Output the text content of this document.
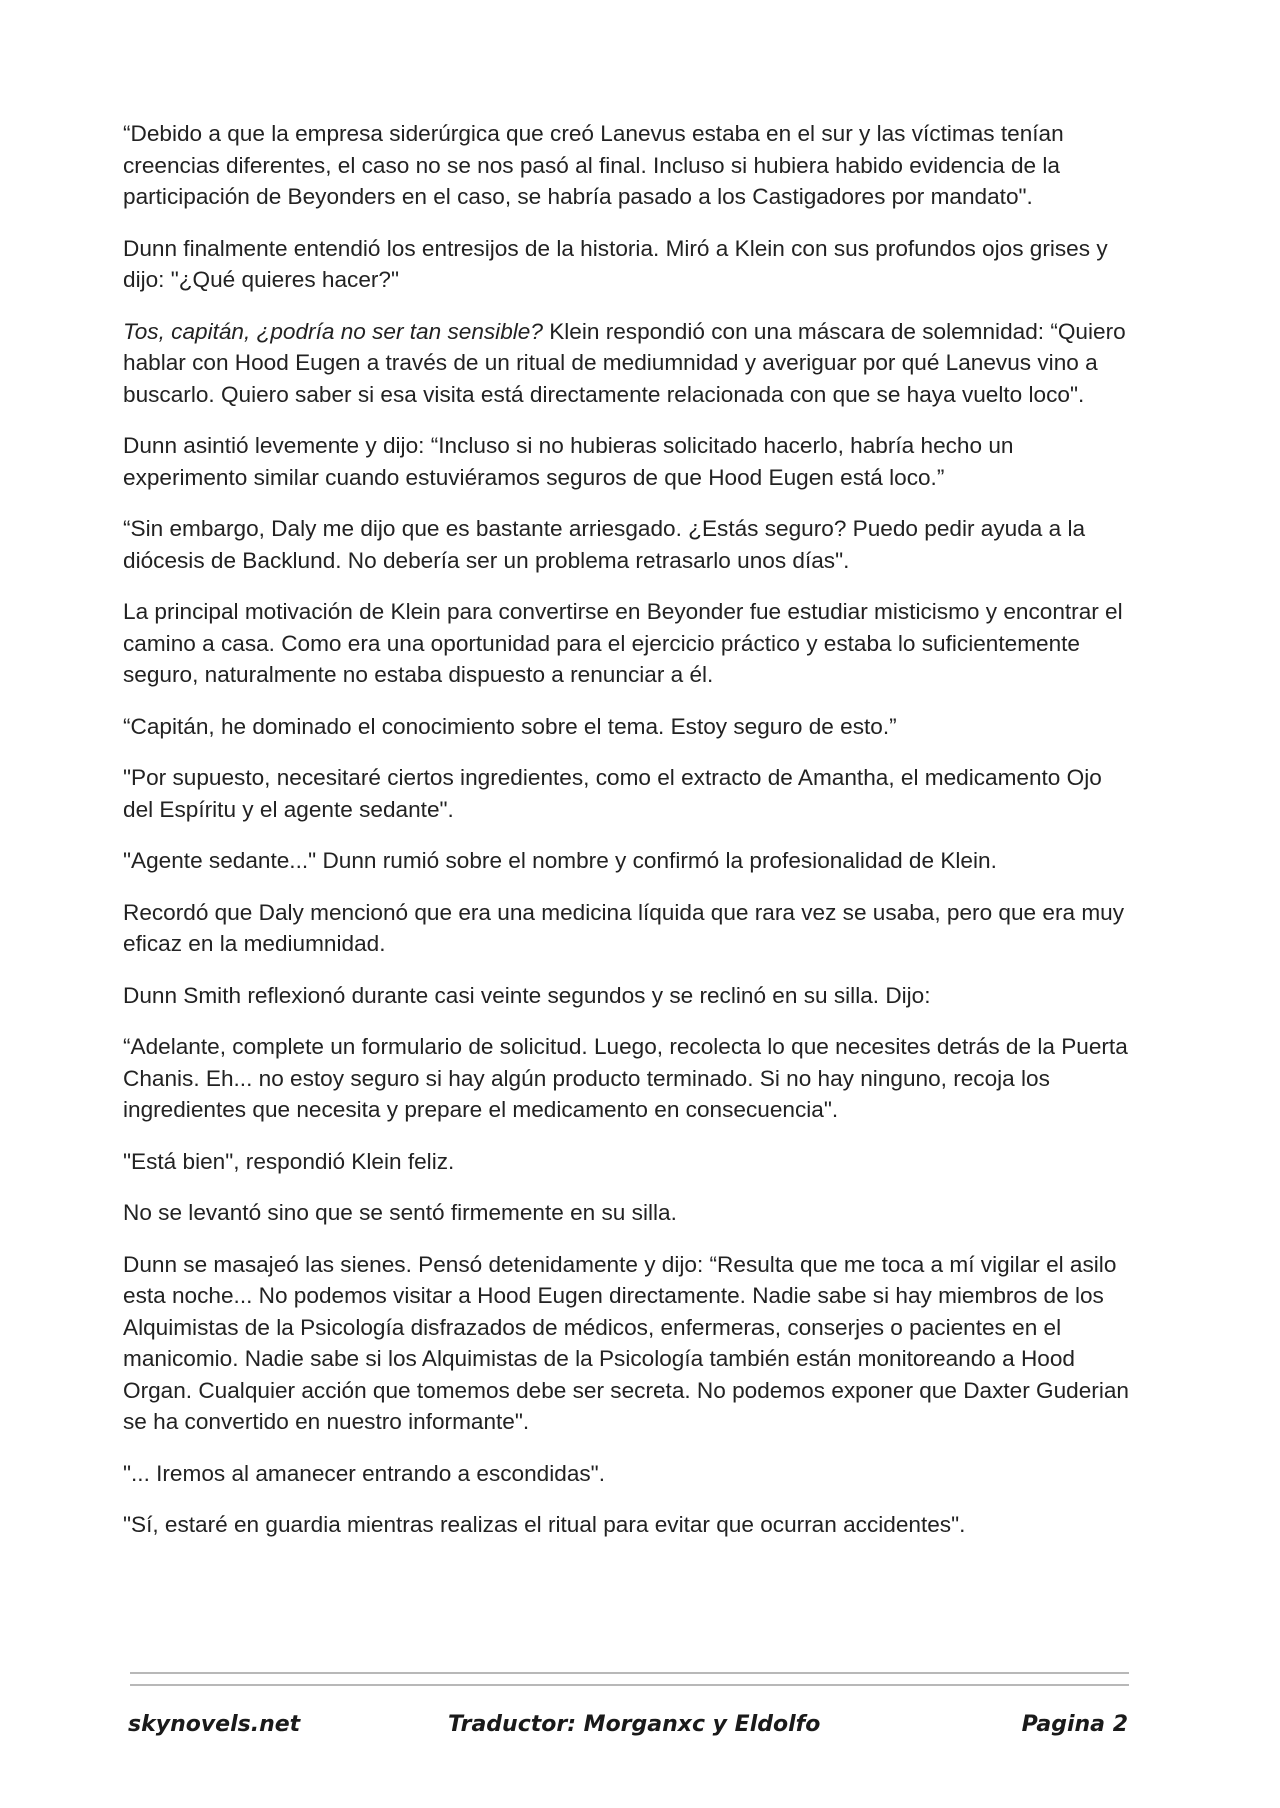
“Debido a que la empresa siderúrgica que creó Lanevus estaba en el sur y las víctimas tenían creencias diferentes, el caso no se nos pasó al final. Incluso si hubiera habido evidencia de la participación de Beyonders en el caso, se habría pasado a los Castigadores por mandato".

Dunn finalmente entendió los entresijos de la historia. Miró a Klein con sus profundos ojos grises y dijo: "¿Qué quieres hacer?"

Tos, capitán, ¿podría no ser tan sensible? Klein respondió con una máscara de solemnidad: “Quiero hablar con Hood Eugen a través de un ritual de mediumnidad y averiguar por qué Lanevus vino a buscarlo. Quiero saber si esa visita está directamente relacionada con que se haya vuelto loco".

Dunn asintió levemente y dijo: “Incluso si no hubieras solicitado hacerlo, habría hecho un experimento similar cuando estuviéramos seguros de que Hood Eugen está loco.”

“Sin embargo, Daly me dijo que es bastante arriesgado. ¿Estás seguro? Puedo pedir ayuda a la diócesis de Backlund. No debería ser un problema retrasarlo unos días".

La principal motivación de Klein para convertirse en Beyonder fue estudiar misticismo y encontrar el camino a casa. Como era una oportunidad para el ejercicio práctico y estaba lo suficientemente seguro, naturalmente no estaba dispuesto a renunciar a él.

“Capitán, he dominado el conocimiento sobre el tema. Estoy seguro de esto.”

"Por supuesto, necesitaré ciertos ingredientes, como el extracto de Amantha, el medicamento Ojo del Espíritu y el agente sedante".

"Agente sedante..." Dunn rumió sobre el nombre y confirmó la profesionalidad de Klein.

Recordó que Daly mencionó que era una medicina líquida que rara vez se usaba, pero que era muy eficaz en la mediumnidad.

Dunn Smith reflexionó durante casi veinte segundos y se reclinó en su silla. Dijo:

“Adelante, complete un formulario de solicitud. Luego, recolecta lo que necesites detrás de la Puerta Chanis. Eh... no estoy seguro si hay algún producto terminado. Si no hay ninguno, recoja los ingredientes que necesita y prepare el medicamento en consecuencia".

"Está bien", respondió Klein feliz.

No se levantó sino que se sentó firmemente en su silla.

Dunn se masajeó las sienes. Pensó detenidamente y dijo: “Resulta que me toca a mí vigilar el asilo esta noche... No podemos visitar a Hood Eugen directamente. Nadie sabe si hay miembros de los Alquimistas de la Psicología disfrazados de médicos, enfermeras, conserjes o pacientes en el manicomio. Nadie sabe si los Alquimistas de la Psicología también están monitoreando a Hood Organ. Cualquier acción que tomemos debe ser secreta. No podemos exponer que Daxter Guderian se ha convertido en nuestro informante".

"... Iremos al amanecer entrando a escondidas".

"Sí, estaré en guardia mientras realizas el ritual para evitar que ocurran accidentes".

skynovels.net	Traductor: Morganxc y Eldolfo	Pagina 2
